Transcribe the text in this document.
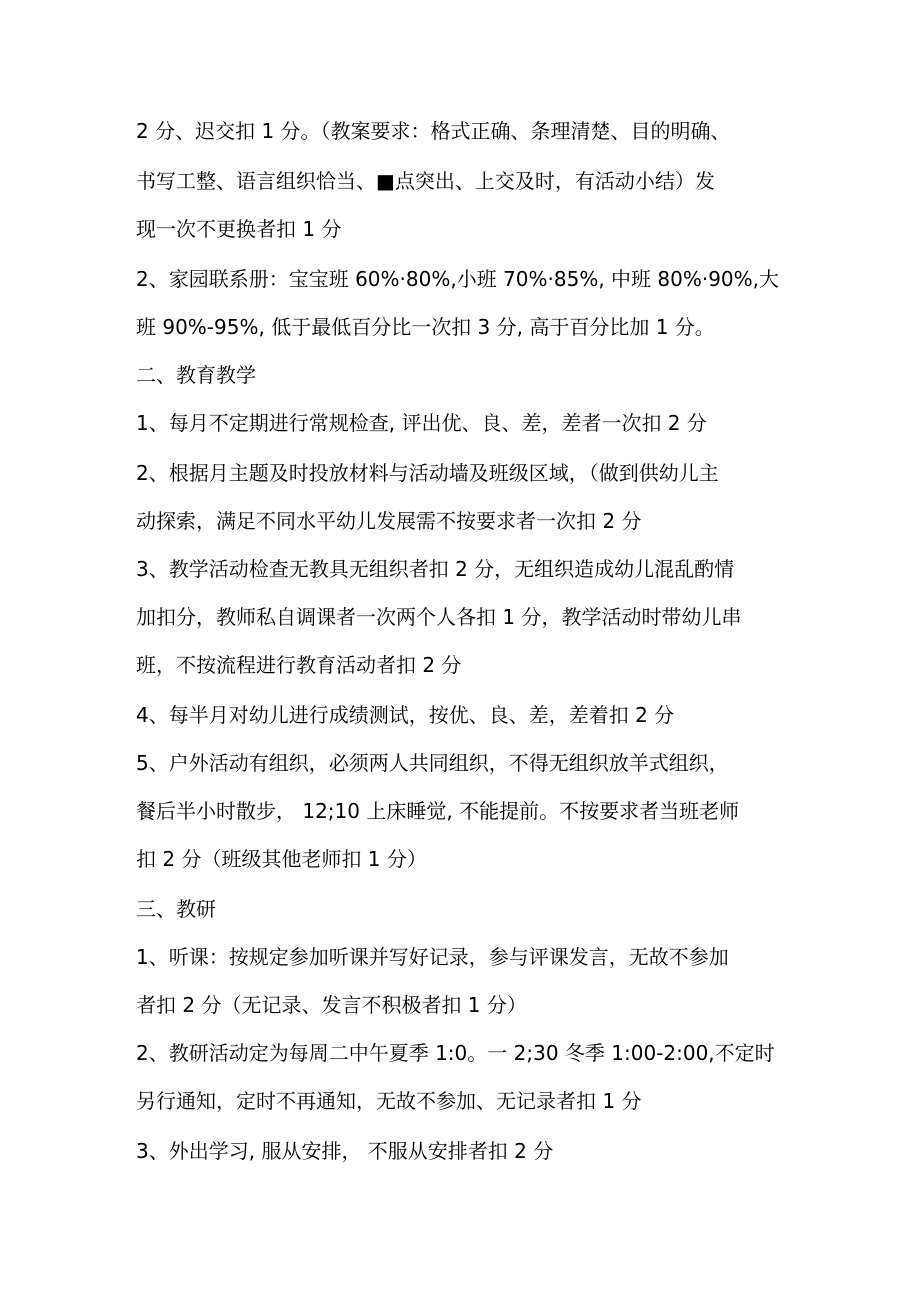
2 分、迟交扣 1 分。（教案要求：格式正确、条理清楚、目的明确、
书写工整、语言组织恰当、■点突出、上交及时，有活动小结）发
现一次不更换者扣 1 分
2、家园联系册：宝宝班 60%·80%,小班 70%·85%, 中班 80%·90%,大
班 90%-95%, 低于最低百分比一次扣 3 分, 高于百分比加 1 分。
二、教育教学
1、每月不定期进行常规检查, 评出优、良、差，差者一次扣 2 分
2、根据月主题及时投放材料与活动墙及班级区域，（做到供幼儿主
动探索，满足不同水平幼儿发展需不按要求者一次扣 2 分
3、教学活动检查无教具无组织者扣 2 分，无组织造成幼儿混乱酌情
加扣分，教师私自调课者一次两个人各扣 1 分，教学活动时带幼儿串
班，不按流程进行教育活动者扣 2 分
4、每半月对幼儿进行成绩测试，按优、良、差，差着扣 2 分
5、户外活动有组织，必须两人共同组织，不得无组织放羊式组织，
餐后半小时散步， 12;10 上床睡觉, 不能提前。不按要求者当班老师
扣 2 分（班级其他老师扣 1 分）
三、教研
1、听课：按规定参加听课并写好记录，参与评课发言，无故不参加
者扣 2 分（无记录、发言不积极者扣 1 分）
2、教研活动定为每周二中午夏季 1:0。一 2;30 冬季 1:00-2:00,不定时
另行通知，定时不再通知，无故不参加、无记录者扣 1 分
3、外出学习, 服从安排， 不服从安排者扣 2 分
